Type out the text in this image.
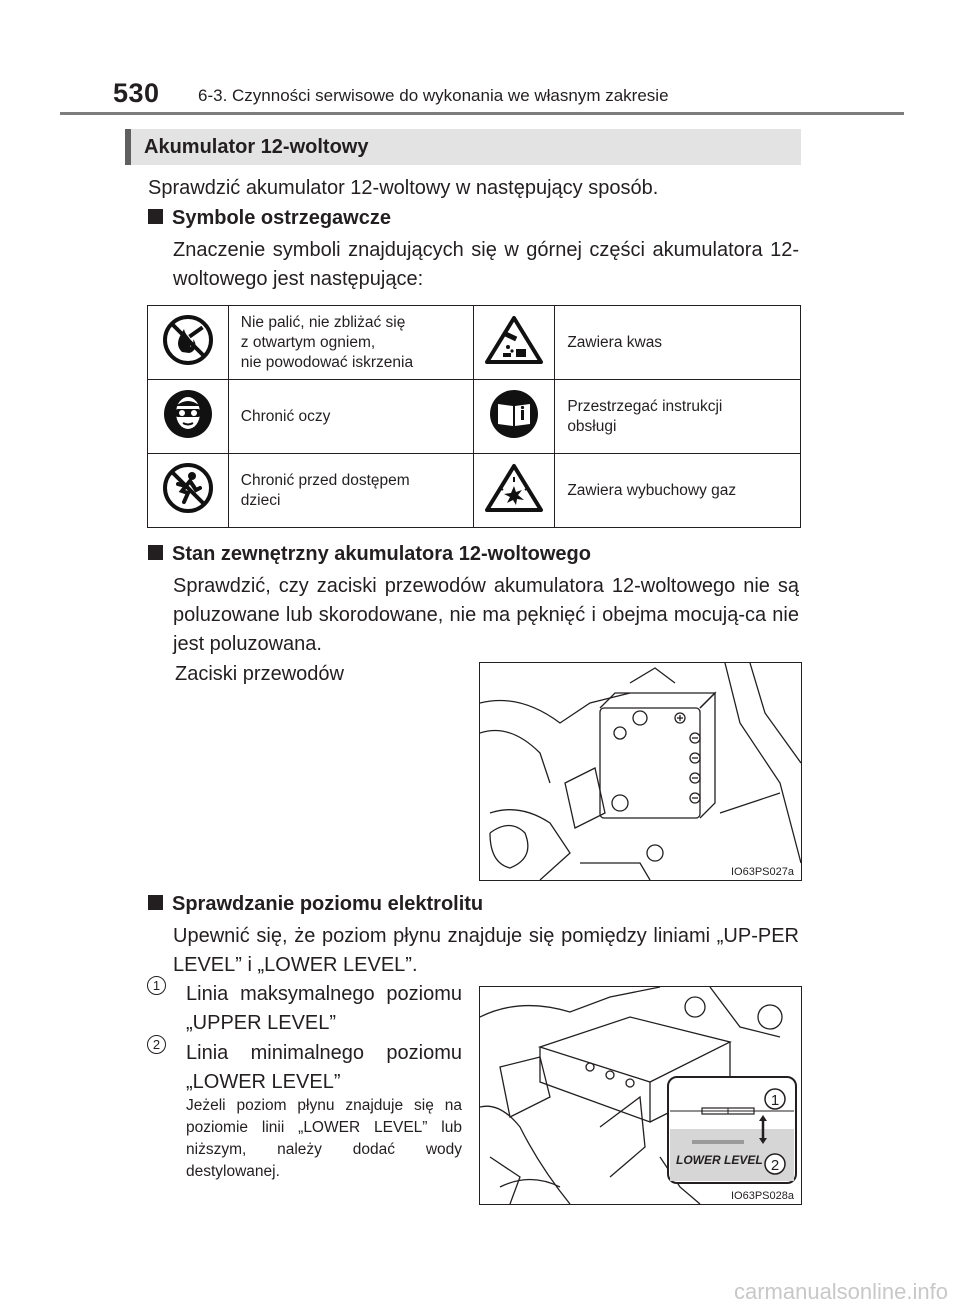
530 6-3. Czynności serwisowe do wykonania we własnym zakresie
Akumulator 12-woltowy
Sprawdzić akumulator 12-woltowy w następujący sposób.
Symbole ostrzegawcze
Znaczenie symboli znajdujących się w górnej części akumulatora 12-woltowego jest następujące:
	Nie palić, nie zbliżać się
z otwartym ogniem,
nie powodować iskrzenia		Zawiera kwas
	Chronić oczy		Przestrzegać instrukcji
obsługi
	Chronić przed dostępem
dzieci		Zawiera wybuchowy gaz
Stan zewnętrzny akumulatora 12-woltowego
Sprawdzić, czy zaciski przewodów akumulatora 12-woltowego nie są poluzowane lub skorodowane, nie ma pęknięć i obejma mocują-ca nie jest poluzowana.
Zaciski przewodów
IO63PS027a
Sprawdzanie poziomu elektrolitu
Upewnić się, że poziom płynu znajduje się pomiędzy liniami „UP-PER LEVEL” i „LOWER LEVEL”.
1 Linia maksymalnego poziomu „UPPER LEVEL”
2 Linia minimalnego poziomu „LOWER LEVEL”
Jeżeli poziom płynu znajduje się na poziomie linii „LOWER LEVEL” lub niższym, należy dodać wody destylowanej.
1
2
LOWER LEVEL
IO63PS028a
carmanualsonline.info
